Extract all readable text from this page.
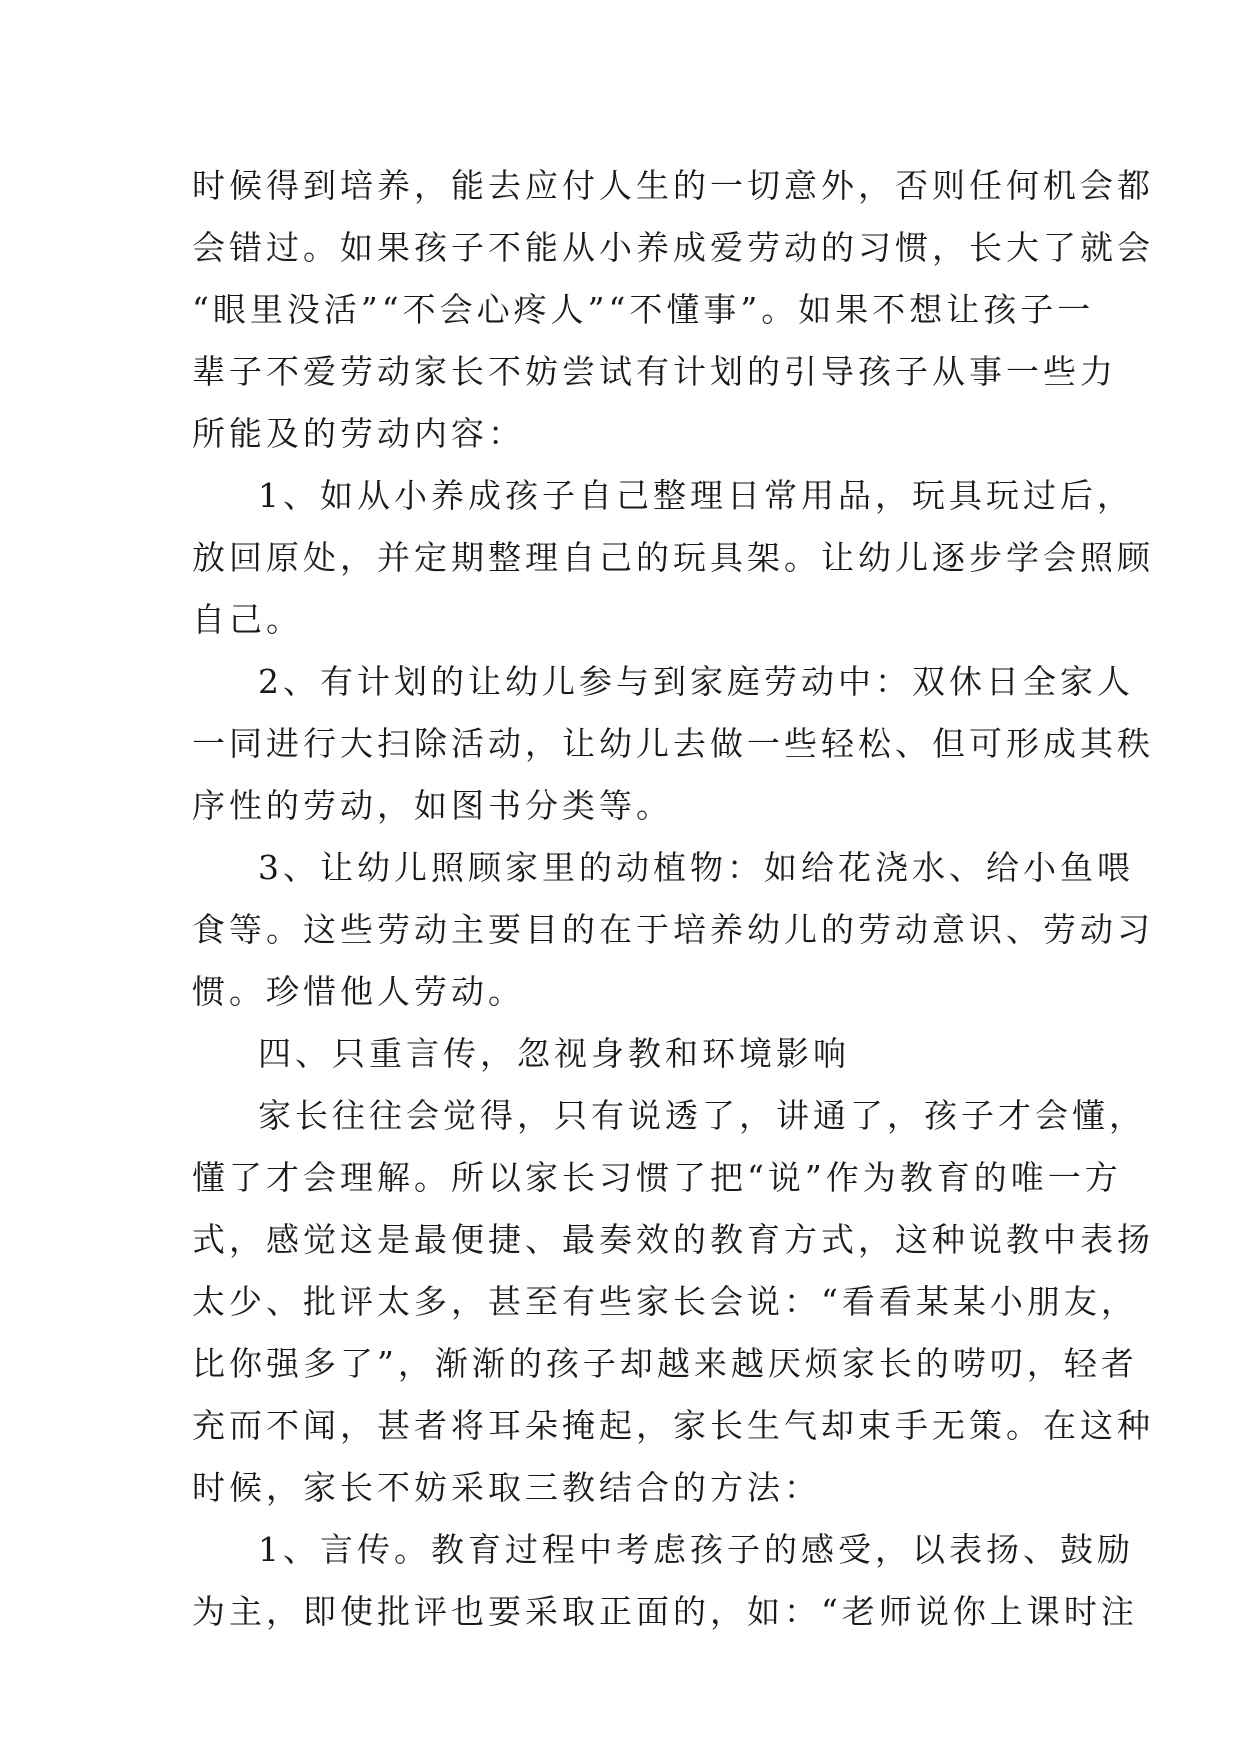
时候得到培养，能去应付人生的一切意外，否则任何机会都
会错过。如果孩子不能从小养成爱劳动的习惯，长大了就会
“眼里没活”“不会心疼人”“不懂事”。如果不想让孩子一
辈子不爱劳动家长不妨尝试有计划的引导孩子从事一些力
所能及的劳动内容：
1、如从小养成孩子自己整理日常用品，玩具玩过后，
放回原处，并定期整理自己的玩具架。让幼儿逐步学会照顾
自己。
2、有计划的让幼儿参与到家庭劳动中：双休日全家人
一同进行大扫除活动，让幼儿去做一些轻松、但可形成其秩
序性的劳动，如图书分类等。
3、让幼儿照顾家里的动植物：如给花浇水、给小鱼喂
食等。这些劳动主要目的在于培养幼儿的劳动意识、劳动习
惯。珍惜他人劳动。
四、只重言传，忽视身教和环境影响
家长往往会觉得，只有说透了，讲通了，孩子才会懂，
懂了才会理解。所以家长习惯了把“说”作为教育的唯一方
式，感觉这是最便捷、最奏效的教育方式，这种说教中表扬
太少、批评太多，甚至有些家长会说：“看看某某小朋友，
比你强多了”，渐渐的孩子却越来越厌烦家长的唠叨，轻者
充而不闻，甚者将耳朵掩起，家长生气却束手无策。在这种
时候，家长不妨采取三教结合的方法：
1、言传。教育过程中考虑孩子的感受，以表扬、鼓励
为主，即使批评也要采取正面的，如：“老师说你上课时注
